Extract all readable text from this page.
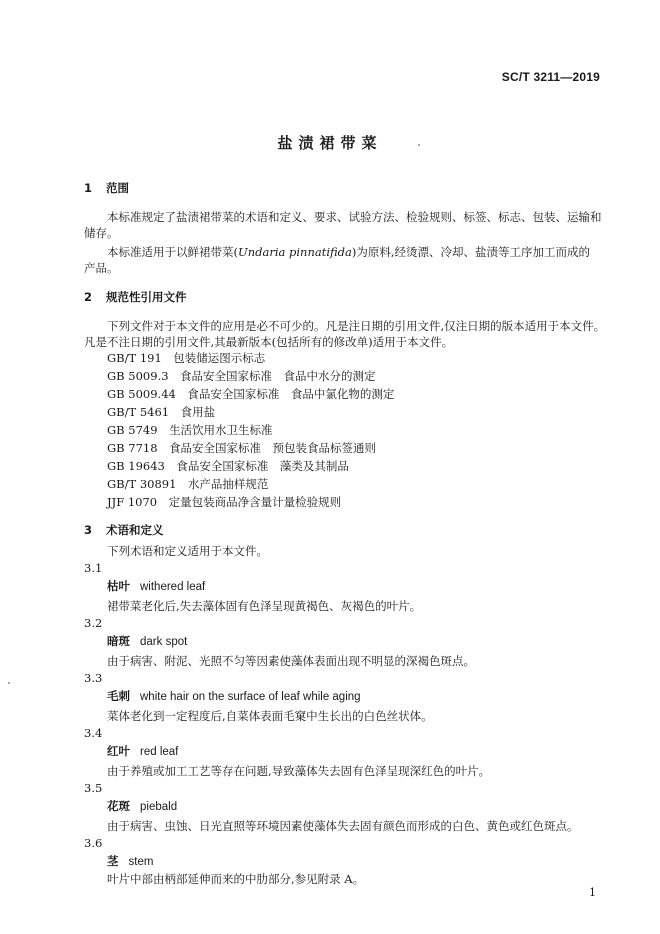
SC/T 3211—2019
盐渍裙带菜
1 范围
本标准规定了盐渍裙带菜的术语和定义、要求、试验方法、检验规则、标签、标志、包装、运输和
储存。
本标准适用于以鲜裙带菜(Undaria pinnatifida)为原料,经烫漂、冷却、盐渍等工序加工而成的
产品。
2 规范性引用文件
下列文件对于本文件的应用是必不可少的。凡是注日期的引用文件,仅注日期的版本适用于本文件。
凡是不注日期的引用文件,其最新版本(包括所有的修改单)适用于本文件。
GB/T 191　 包装储运图示标志
GB 5009.3　 食品安全国家标准　食品中水分的测定
GB 5009.44　 食品安全国家标准　食品中氯化物的测定
GB/T 5461　 食用盐
GB 5749　 生活饮用水卫生标准
GB 7718　 食品安全国家标准　预包装食品标签通则
GB 19643　 食品安全国家标准　藻类及其制品
GB/T 30891　 水产品抽样规范
JJF 1070　 定量包装商品净含量计量检验规则
3 术语和定义
下列术语和定义适用于本文件。
3.1
枯叶 withered leaf
裙带菜老化后,失去藻体固有色泽呈现黄褐色、灰褐色的叶片。
3.2
暗斑 dark spot
由于病害、附泥、光照不匀等因素使藻体表面出现不明显的深褐色斑点。
3.3
毛刺 white hair on the surface of leaf while aging
菜体老化到一定程度后,自菜体表面毛窠中生长出的白色丝状体。
3.4
红叶 red leaf
由于养殖或加工工艺等存在问题,导致藻体失去固有色泽呈现深红色的叶片。
3.5
花斑 piebald
由于病害、虫蚀、日光直照等环境因素使藻体失去固有颜色而形成的白色、黄色或红色斑点。
3.6
茎 stem
叶片中部由柄部延伸而来的中肋部分,参见附录 A。
1
